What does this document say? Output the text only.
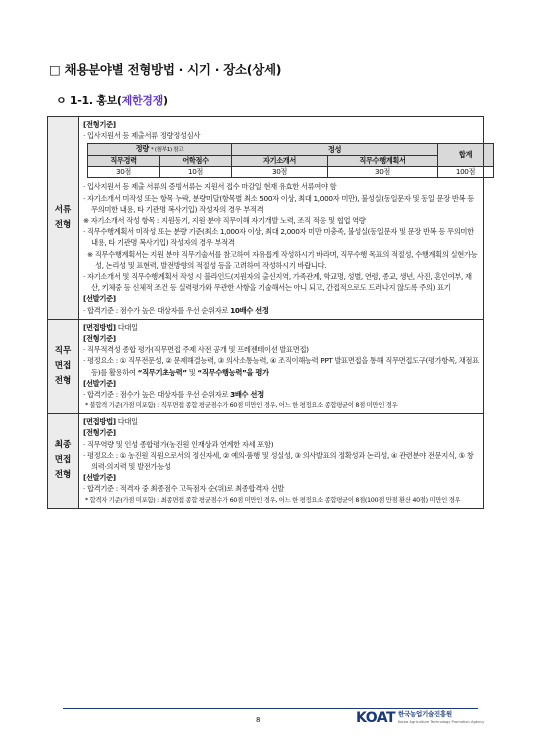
□ 채용분야별 전형방법 · 시기 · 장소(상세)
ㅇ 1-1. 홍보(제한경쟁)
서류
전형

[전형기준]
· 입사지원서 등 제출서류 정량정성심사
정량 * (첨부1) 참고	정성	합계
직무경력	어학점수	자기소개서	직무수행계획서
30점	10점	30점	30점	100점
· 입사지원서 등 제출 서류의 증빙서류는 지원서 접수 마감일 현재 유효한 서류여야 함
· 자기소개서 미작성 또는 항목 누락, 분량미달(항목별 최소 500자 이상, 최대 1,000자 미만), 불성실(동일문자 및 동일 문장 반복 등 무의미한 내용, 타 기관명 복사기입) 작성자의 경우 부적격
※ 자기소개서 작성 항목 : 지원동기, 지원 분야 직무이해 자기개발 노력, 조직 적응 및 협업 역량
· 직무수행계획서 미작성 또는 분량 기준(최소 1,000자 이상, 최대 2,000자 미만 미충족, 불성실(동일문자 및 문장 반복 등 무의미한 내용, 타 기관명 복사기입) 작성자의 경우 부적격
※ 직무수행계획서는 지원 분야 직무기술서를 참고하여 자유롭게 작성하시기 바라며, 직무수행 목표의 적절성, 수행계획의 실현가능성, 논리성 및 표현력, 발전방향의 적절성 등을 고려하여 작성하시기 바랍니다.
· 자기소개서 및 직무수행계획서 작성 시 블라인드(지원자의 출신지역, 가족관계, 학교명, 성별, 연령, 종교, 생년, 사진, 혼인여부, 재산, 키체중 등 신체적 조건 등 실력평가와 무관한 사항을 기술해서는 아니 되고, 간접적으로도 드러나지 않도록 주의) 표기
[선발기준]
· 합격기준 : 점수가 높은 대상자를 우선 순위자로 10배수 선정

직무
면접
전형

[면접방법] 다대일
[전형기준]
· 직무적격성 종합 평가(직무면접 주제 사전 공개 및 프레젠테이션 발표면접)
· 평정요소 : ① 직무전문성, ② 문제해결능력, ③ 의사소통능력, ④ 조직이해능력 PPT 발표면접을 통해 직무면접도구(평가항목, 채점표 등)를 활용하여 “직무기초능력” 및 “직무수행능력”을 평가
[선발기준]
· 합격기준 : 점수가 높은 대상자를 우선 순위자로 3배수 선정
* 불합격 기준(가점 미포함) : 직무면접 종합 평균점수가 60점 미만인 경우, 어느 한 평정요소 종합평균이 8점 미만인 경우

최종
면접
전형

[면접방법] 다대일
[전형기준]
· 직무역량 및 인성 종합평가(농진원 인재상과 연계한 자세 포함)
· 평정요소 : ① 농진원 직원으로서의 정신자세, ② 예의·품행 및 성실성, ③ 의사발표의 정확성과 논리성, ④ 관련분야 전문지식, ⑤ 창의력·의지력 및 발전가능성
[선발기준]
· 합격기준 : 적격자 중 최종점수 고득점자 순(위)로 최종합격자 선발
* 합격자 기준(가점 미포함) : 최종면접 종합 평균점수가 60점 미만인 경우, 어느 한 평정요소 종합평균이 8점(100점 만점 환산 40점) 미만인 경우
8	KOAT 한국농업기술진흥원
Korea Agriculture Technology Promotion Agency
